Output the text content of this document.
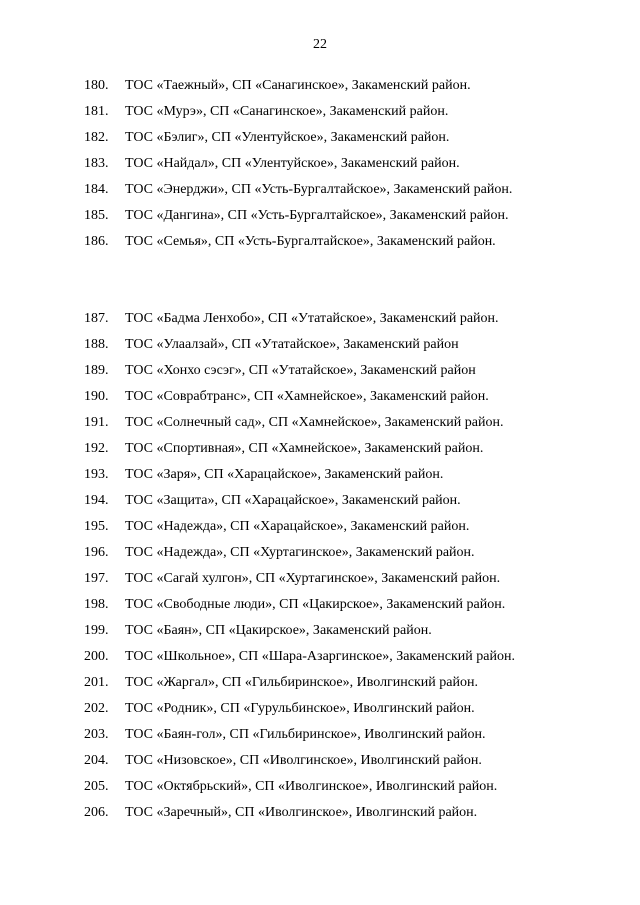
22
180. ТОС «Таежный», СП «Санагинское», Закаменский район.
181. ТОС «Мурэ», СП «Санагинское», Закаменский район.
182. ТОС «Бэлиг», СП «Улентуйское», Закаменский район.
183. ТОС «Найдал», СП «Улентуйское», Закаменский район.
184. ТОС «Энерджи», СП «Усть-Бургалтайское», Закаменский район.
185. ТОС «Дангина», СП «Усть-Бургалтайское», Закаменский район.
186. ТОС «Семья», СП «Усть-Бургалтайское», Закаменский район.
187. ТОС «Бадма Ленхобо», СП «Утатайское», Закаменский район.
188. ТОС «Улаалзай», СП «Утатайское», Закаменский район
189. ТОС «Хонхо сэсэг», СП «Утатайское», Закаменский район
190. ТОС «Соврабтранс», СП «Хамнейское», Закаменский район.
191. ТОС «Солнечный сад», СП «Хамнейское», Закаменский район.
192. ТОС «Спортивная», СП «Хамнейское», Закаменский район.
193. ТОС «Заря», СП «Харацайское», Закаменский район.
194. ТОС «Защита», СП «Харацайское», Закаменский район.
195. ТОС «Надежда», СП «Харацайское», Закаменский район.
196. ТОС «Надежда», СП «Хуртагинское», Закаменский район.
197. ТОС «Сагай хулгон», СП «Хуртагинское», Закаменский район.
198. ТОС «Свободные люди», СП «Цакирское», Закаменский район.
199. ТОС «Баян», СП «Цакирское», Закаменский район.
200. ТОС «Школьное», СП «Шара-Азаргинское», Закаменский район.
201. ТОС «Жаргал», СП «Гильбиринское», Иволгинский район.
202. ТОС «Родник», СП «Гурульбинское», Иволгинский район.
203. ТОС «Баян-гол», СП «Гильбиринское», Иволгинский район.
204. ТОС «Низовское», СП «Иволгинское», Иволгинский район.
205. ТОС «Октябрьский», СП «Иволгинское», Иволгинский район.
206. ТОС «Заречный», СП «Иволгинское», Иволгинский район.
